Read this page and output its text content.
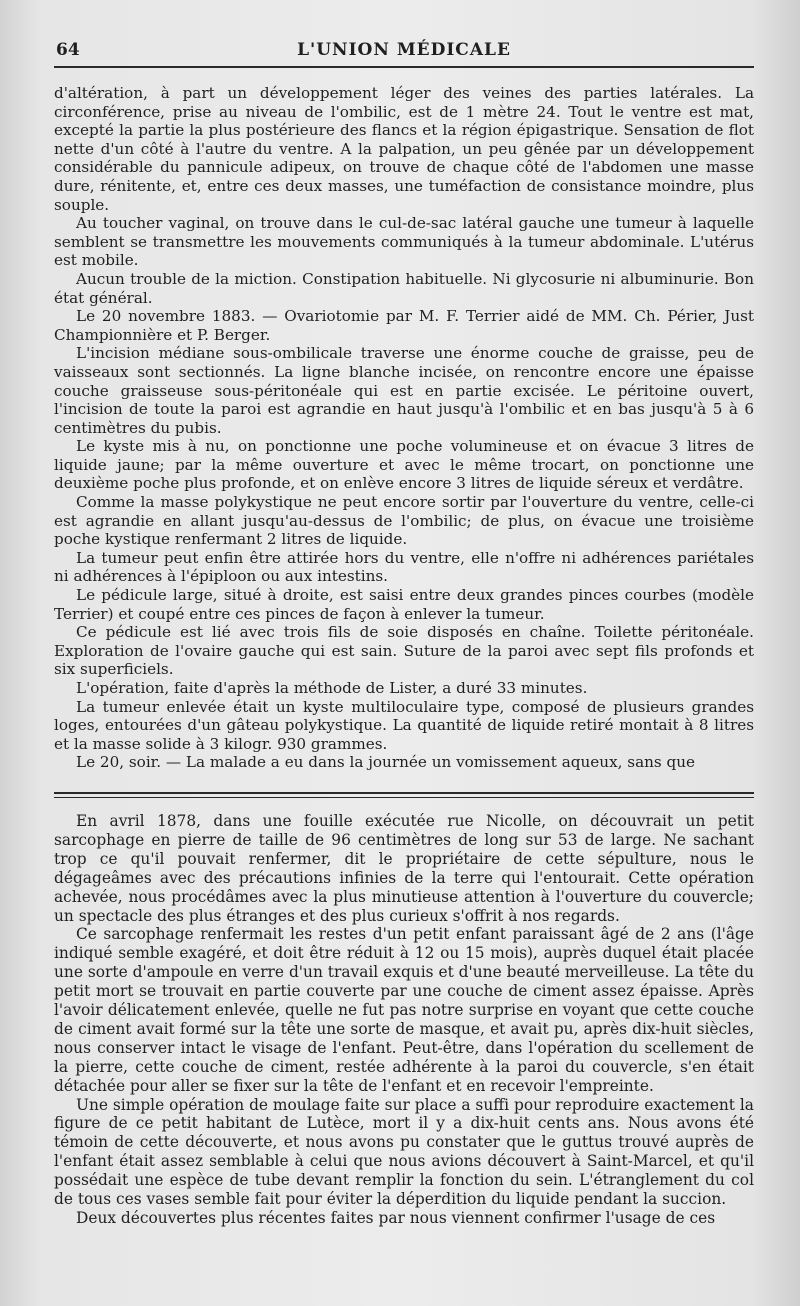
64	L'UNION MÉDICALE

d'altération, à part un développement léger des veines des parties latérales. La circonférence, prise au niveau de l'ombilic, est de 1 mètre 24. Tout le ventre est mat, excepté la partie la plus postérieure des flancs et la région épigastrique. Sensation de flot nette d'un côté à l'autre du ventre. A la palpation, un peu gênée par un développement considérable du pannicule adipeux, on trouve de chaque côté de l'abdomen une masse dure, rénitente, et, entre ces deux masses, une tuméfaction de consistance moindre, plus souple.

Au toucher vaginal, on trouve dans le cul-de-sac latéral gauche une tumeur à laquelle semblent se transmettre les mouvements communiqués à la tumeur abdominale. L'utérus est mobile.

Aucun trouble de la miction. Constipation habituelle. Ni glycosurie ni albuminurie. Bon état général.

Le 20 novembre 1883. — Ovariotomie par M. F. Terrier aidé de MM. Ch. Périer, Just Championnière et P. Berger.

L'incision médiane sous-ombilicale traverse une énorme couche de graisse, peu de vaisseaux sont sectionnés. La ligne blanche incisée, on rencontre encore une épaisse couche graisseuse sous-péritonéale qui est en partie excisée. Le péritoine ouvert, l'incision de toute la paroi est agrandie en haut jusqu'à l'ombilic et en bas jusqu'à 5 à 6 centimètres du pubis.

Le kyste mis à nu, on ponctionne une poche volumineuse et on évacue 3 litres de liquide jaune; par la même ouverture et avec le même trocart, on ponctionne une deuxième poche plus profonde, et on enlève encore 3 litres de liquide séreux et verdâtre.

Comme la masse polykystique ne peut encore sortir par l'ouverture du ventre, celle-ci est agrandie en allant jusqu'au-dessus de l'ombilic; de plus, on évacue une troisième poche kystique renfermant 2 litres de liquide.

La tumeur peut enfin être attirée hors du ventre, elle n'offre ni adhérences pariétales ni adhérences à l'épiploon ou aux intestins.

Le pédicule large, situé à droite, est saisi entre deux grandes pinces courbes (modèle Terrier) et coupé entre ces pinces de façon à enlever la tumeur.

Ce pédicule est lié avec trois fils de soie disposés en chaîne. Toilette péritonéale. Exploration de l'ovaire gauche qui est sain. Suture de la paroi avec sept fils profonds et six superficiels.

L'opération, faite d'après la méthode de Lister, a duré 33 minutes.

La tumeur enlevée était un kyste multiloculaire type, composé de plusieurs grandes loges, entourées d'un gâteau polykystique. La quantité de liquide retiré montait à 8 litres et la masse solide à 3 kilogr. 930 grammes.

Le 20, soir. — La malade a eu dans la journée un vomissement aqueux, sans que

En avril 1878, dans une fouille exécutée rue Nicolle, on découvrait un petit sarcophage en pierre de taille de 96 centimètres de long sur 53 de large. Ne sachant trop ce qu'il pouvait renfermer, dit le propriétaire de cette sépulture, nous le dégageâmes avec des précautions infinies de la terre qui l'entourait. Cette opération achevée, nous procédâmes avec la plus minutieuse attention à l'ouverture du couvercle; un spectacle des plus étranges et des plus curieux s'offrit à nos regards.

Ce sarcophage renfermait les restes d'un petit enfant paraissant âgé de 2 ans (l'âge indiqué semble exagéré, et doit être réduit à 12 ou 15 mois), auprès duquel était placée une sorte d'ampoule en verre d'un travail exquis et d'une beauté merveilleuse. La tête du petit mort se trouvait en partie couverte par une couche de ciment assez épaisse. Après l'avoir délicatement enlevée, quelle ne fut pas notre surprise en voyant que cette couche de ciment avait formé sur la tête une sorte de masque, et avait pu, après dix-huit siècles, nous conserver intact le visage de l'enfant. Peut-être, dans l'opération du scellement de la pierre, cette couche de ciment, restée adhérente à la paroi du couvercle, s'en était détachée pour aller se fixer sur la tête de l'enfant et en recevoir l'empreinte.

Une simple opération de moulage faite sur place a suffi pour reproduire exactement la figure de ce petit habitant de Lutèce, mort il y a dix-huit cents ans. Nous avons été témoin de cette découverte, et nous avons pu constater que le guttus trouvé auprès de l'enfant était assez semblable à celui que nous avions découvert à Saint-Marcel, et qu'il possédait une espèce de tube devant remplir la fonction du sein. L'étranglement du col de tous ces vases semble fait pour éviter la déperdition du liquide pendant la succion.

Deux découvertes plus récentes faites par nous viennent confirmer l'usage de ces
